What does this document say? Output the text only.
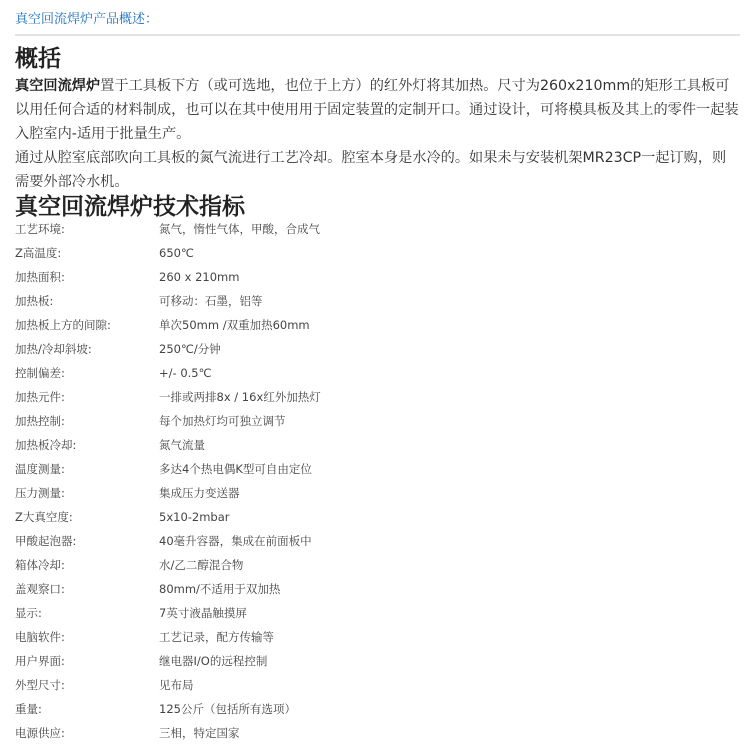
真空回流焊炉产品概述：
概括

真空回流焊炉置于工具板下方（或可选地，也位于上方）的红外灯将其加热。尺寸为260x210mm的矩形工具板可以用任何合适的材料制成，也可以在其中使用用于固定装置的定制开口。通过设计，可将模具板及其上的零件一起装入腔室内-适用于批量生产。

通过从腔室底部吹向工具板的氮气流进行工艺冷却。腔室本身是水冷的。如果未与安装机架MR23CP一起订购，则需要外部冷水机。

真空回流焊炉技术指标
工艺环境:	氮气，惰性气体，甲酸，合成气
Z高温度:	650℃
加热面积:	260 x 210mm
加热板:	可移动：石墨，铝等
加热板上方的间隙:	单次50mm /双重加热60mm
加热/冷却斜坡:	250℃/分钟
控制偏差:	+/- 0.5℃
加热元件:	一排或两排8x / 16x红外加热灯
加热控制:	每个加热灯均可独立调节
加热板冷却:	氮气流量
温度测量:	多达4个热电偶K型可自由定位
压力测量:	集成压力变送器
Z大真空度:	5x10-2mbar
甲酸起泡器:	40毫升容器，集成在前面板中
箱体冷却:	水/乙二醇混合物
盖观察口:	80mm/不适用于双加热
显示:	7英寸液晶触摸屏
电脑软件:	工艺记录，配方传输等
用户界面:	继电器I/O的远程控制
外型尺寸:	见布局
重量:	125公斤（包括所有选项）
电源供应:	三相，特定国家
